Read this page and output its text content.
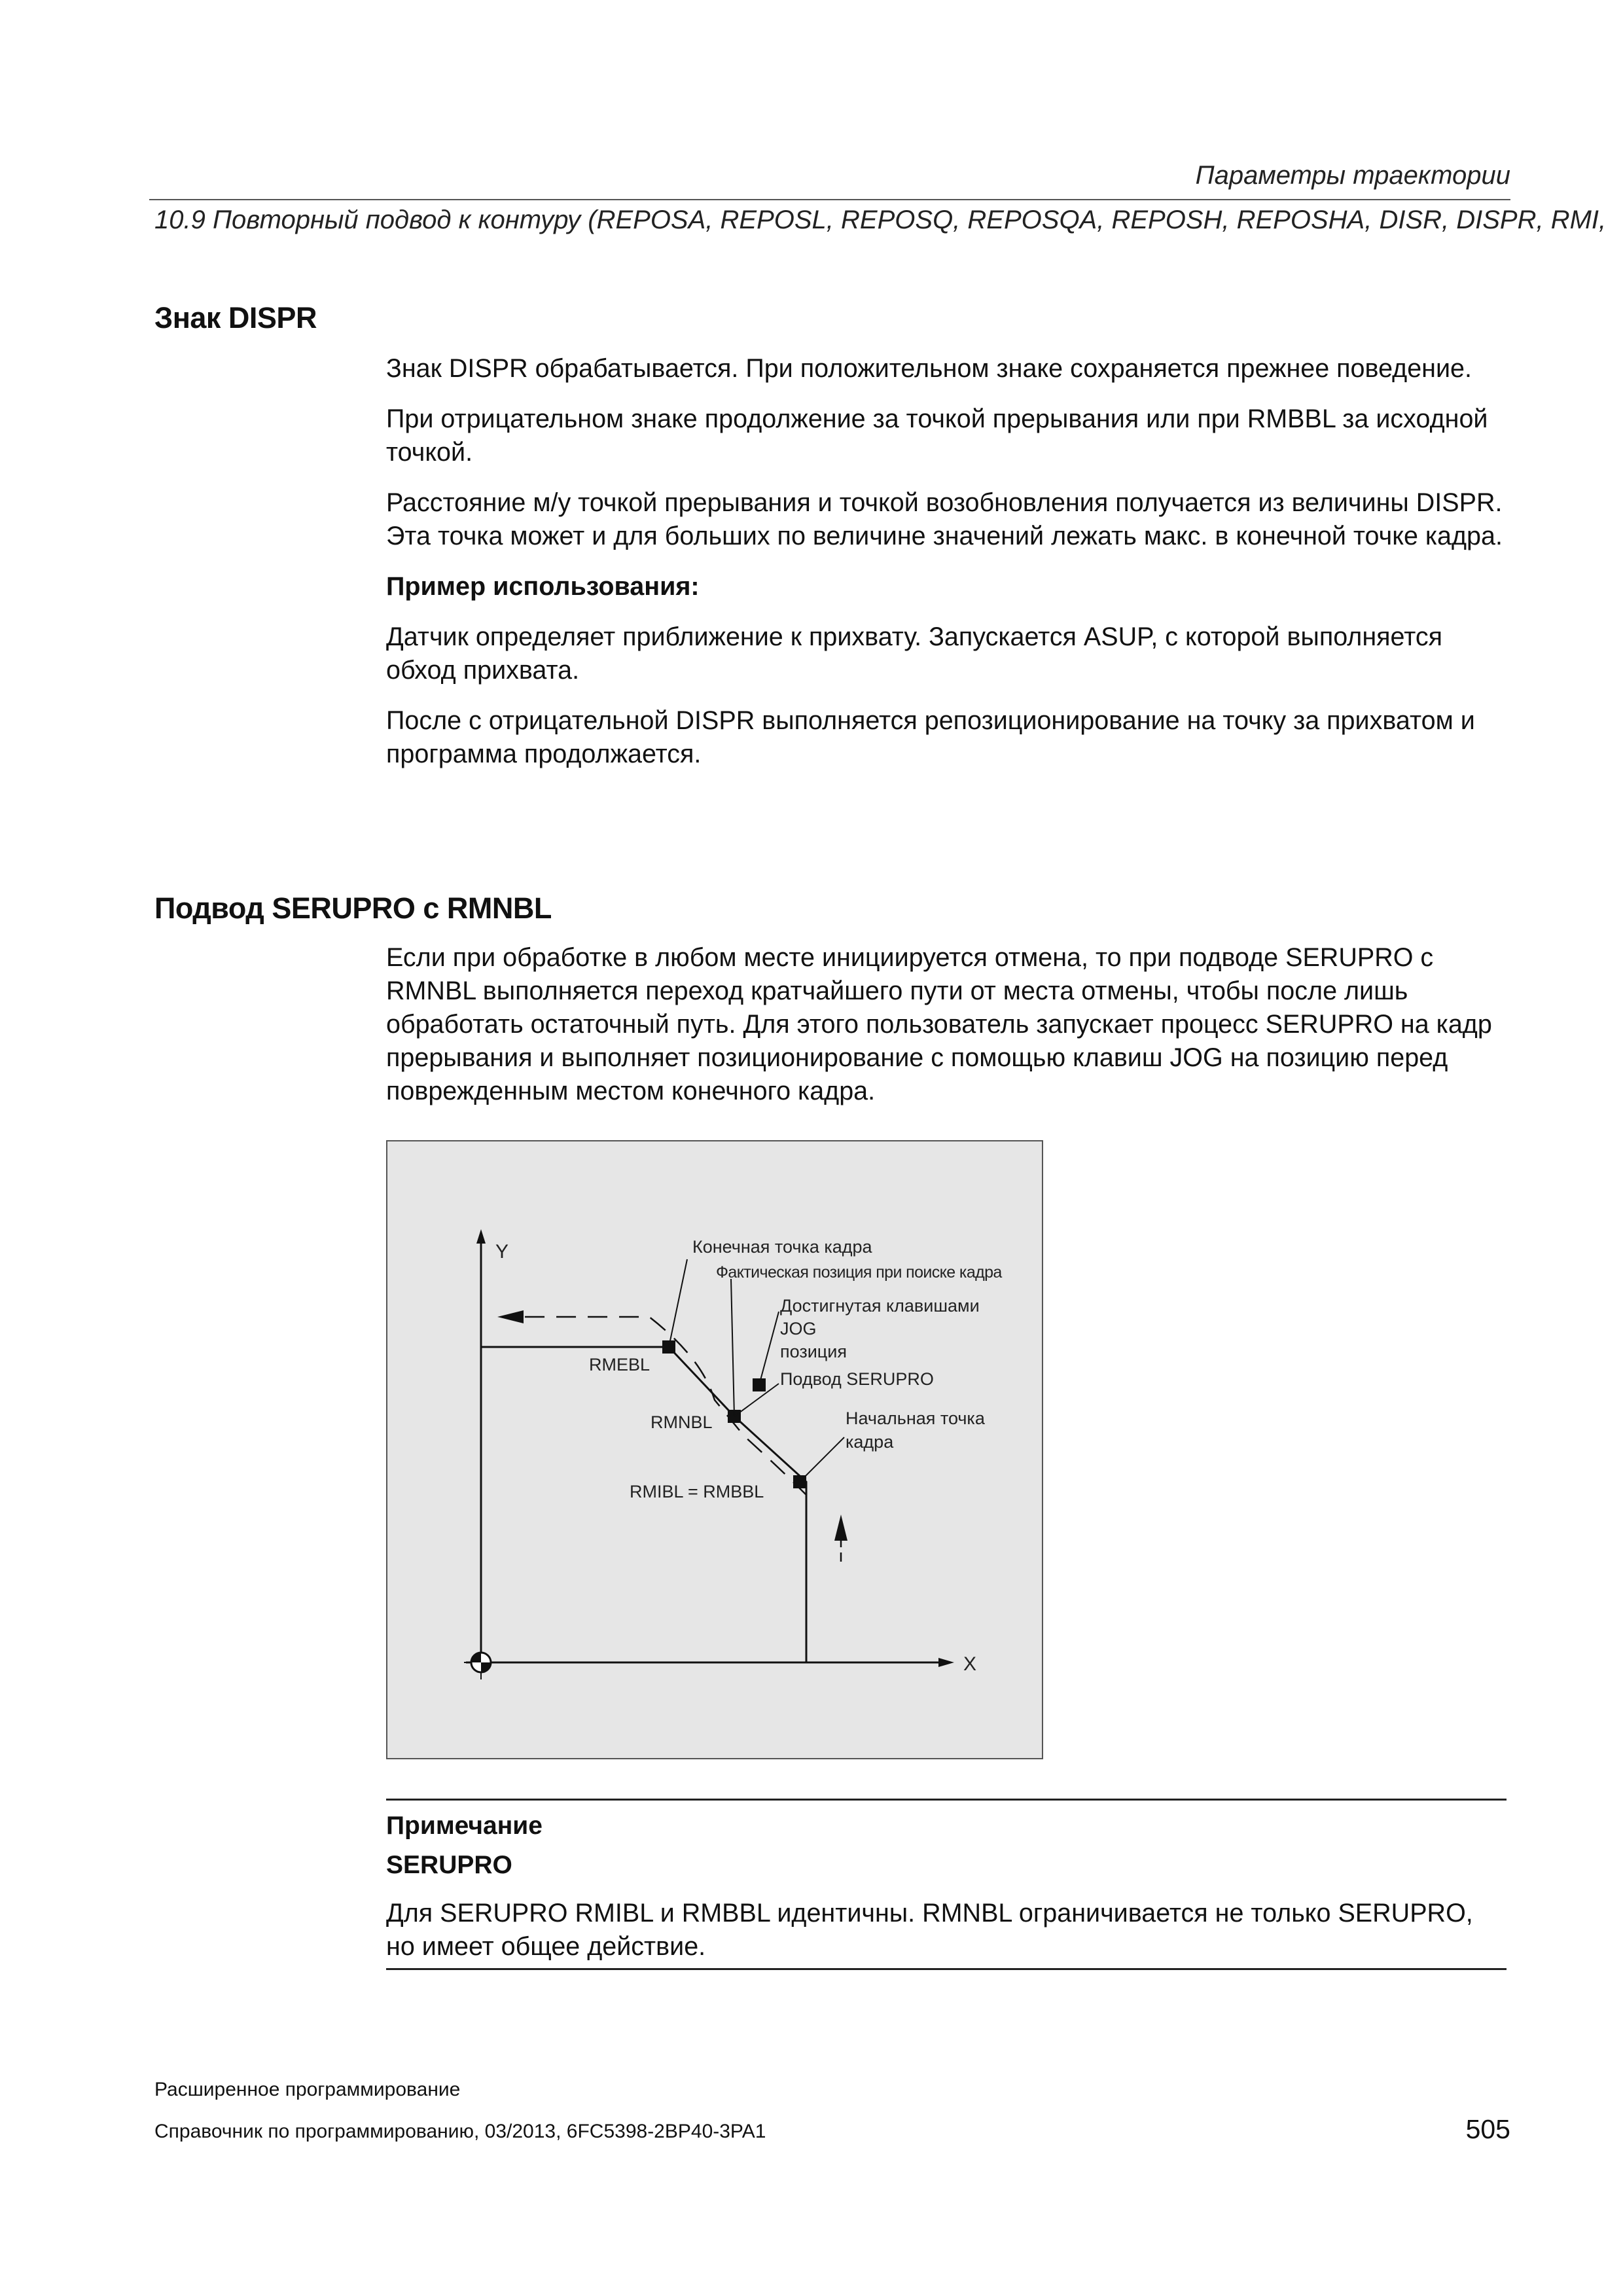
Параметры траектории
10.9 Повторный подвод к контуру (REPOSA, REPOSL, REPOSQ, REPOSQA, REPOSH, REPOSHA, DISR, DISPR, RMI,
Знак DISPR

Знак DISPR обрабатывается. При положительном знаке сохраняется прежнее поведение.

При отрицательном знаке продолжение за точкой прерывания или при RMBBL за исходной точкой.

Расстояние м/у точкой прерывания и точкой возобновления получается из величины DISPR. Эта точка может и для больших по величине значений лежать макс. в конечной точке кадра.

Пример использования:

Датчик определяет приближение к прихвату. Запускается ASUP, с которой выполняется обход прихвата.

После с отрицательной DISPR выполняется репозиционирование на точку за прихватом и программа продолжается.

Подвод SERUPRO с RMNBL

Если при обработке в любом месте инициируется отмена, то при подводе SERUPRO с RMNBL выполняется переход кратчайшего пути от места отмены, чтобы после лишь обработать остаточный путь. Для этого пользователь запускает процесс SERUPRO на кадр прерывания и выполняет позиционирование с помощью клавиш JOG на позицию перед поврежденным местом конечного кадра.

Y
X
Конечная точка кадра
Фактическая позиция при поиске кадра
Достигнутая клавишами
JOG
позиция
Подвод SERUPRO
Начальная точка
кадра
RMEBL
RMNBL
RMIBL = RMBBL
Примечание
SERUPRO
Для SERUPRO RMIBL и RMBBL идентичны. RMNBL ограничивается не только SERUPRO, но имеет общее действие.
Расширенное программирование
Справочник по программированию, 03/2013, 6FC5398-2BP40-3PA1	505
